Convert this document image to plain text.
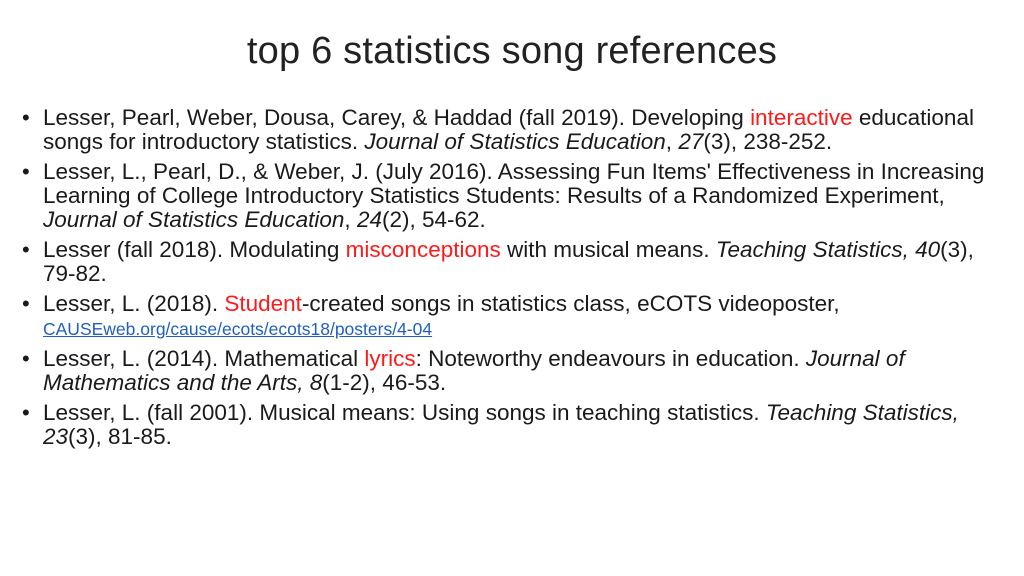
top 6 statistics song references
• Lesser, Pearl, Weber, Dousa, Carey, & Haddad (fall 2019). Developing interactive educational songs for introductory statistics. Journal of Statistics Education, 27(3), 238-252.
• Lesser, L., Pearl, D., & Weber, J. (July 2016). Assessing Fun Items' Effectiveness in Increasing Learning of College Introductory Statistics Students: Results of a Randomized Experiment, Journal of Statistics Education, 24(2), 54-62.
• Lesser (fall 2018). Modulating misconceptions with musical means. Teaching Statistics, 40(3), 79-82.
• Lesser, L. (2018). Student-created songs in statistics class, eCOTS videoposter,
CAUSEweb.org/cause/ecots/ecots18/posters/4-04
• Lesser, L. (2014). Mathematical lyrics: Noteworthy endeavours in education. Journal of Mathematics and the Arts, 8(1-2), 46-53.
• Lesser, L. (fall 2001). Musical means: Using songs in teaching statistics. Teaching Statistics, 23(3), 81-85.
